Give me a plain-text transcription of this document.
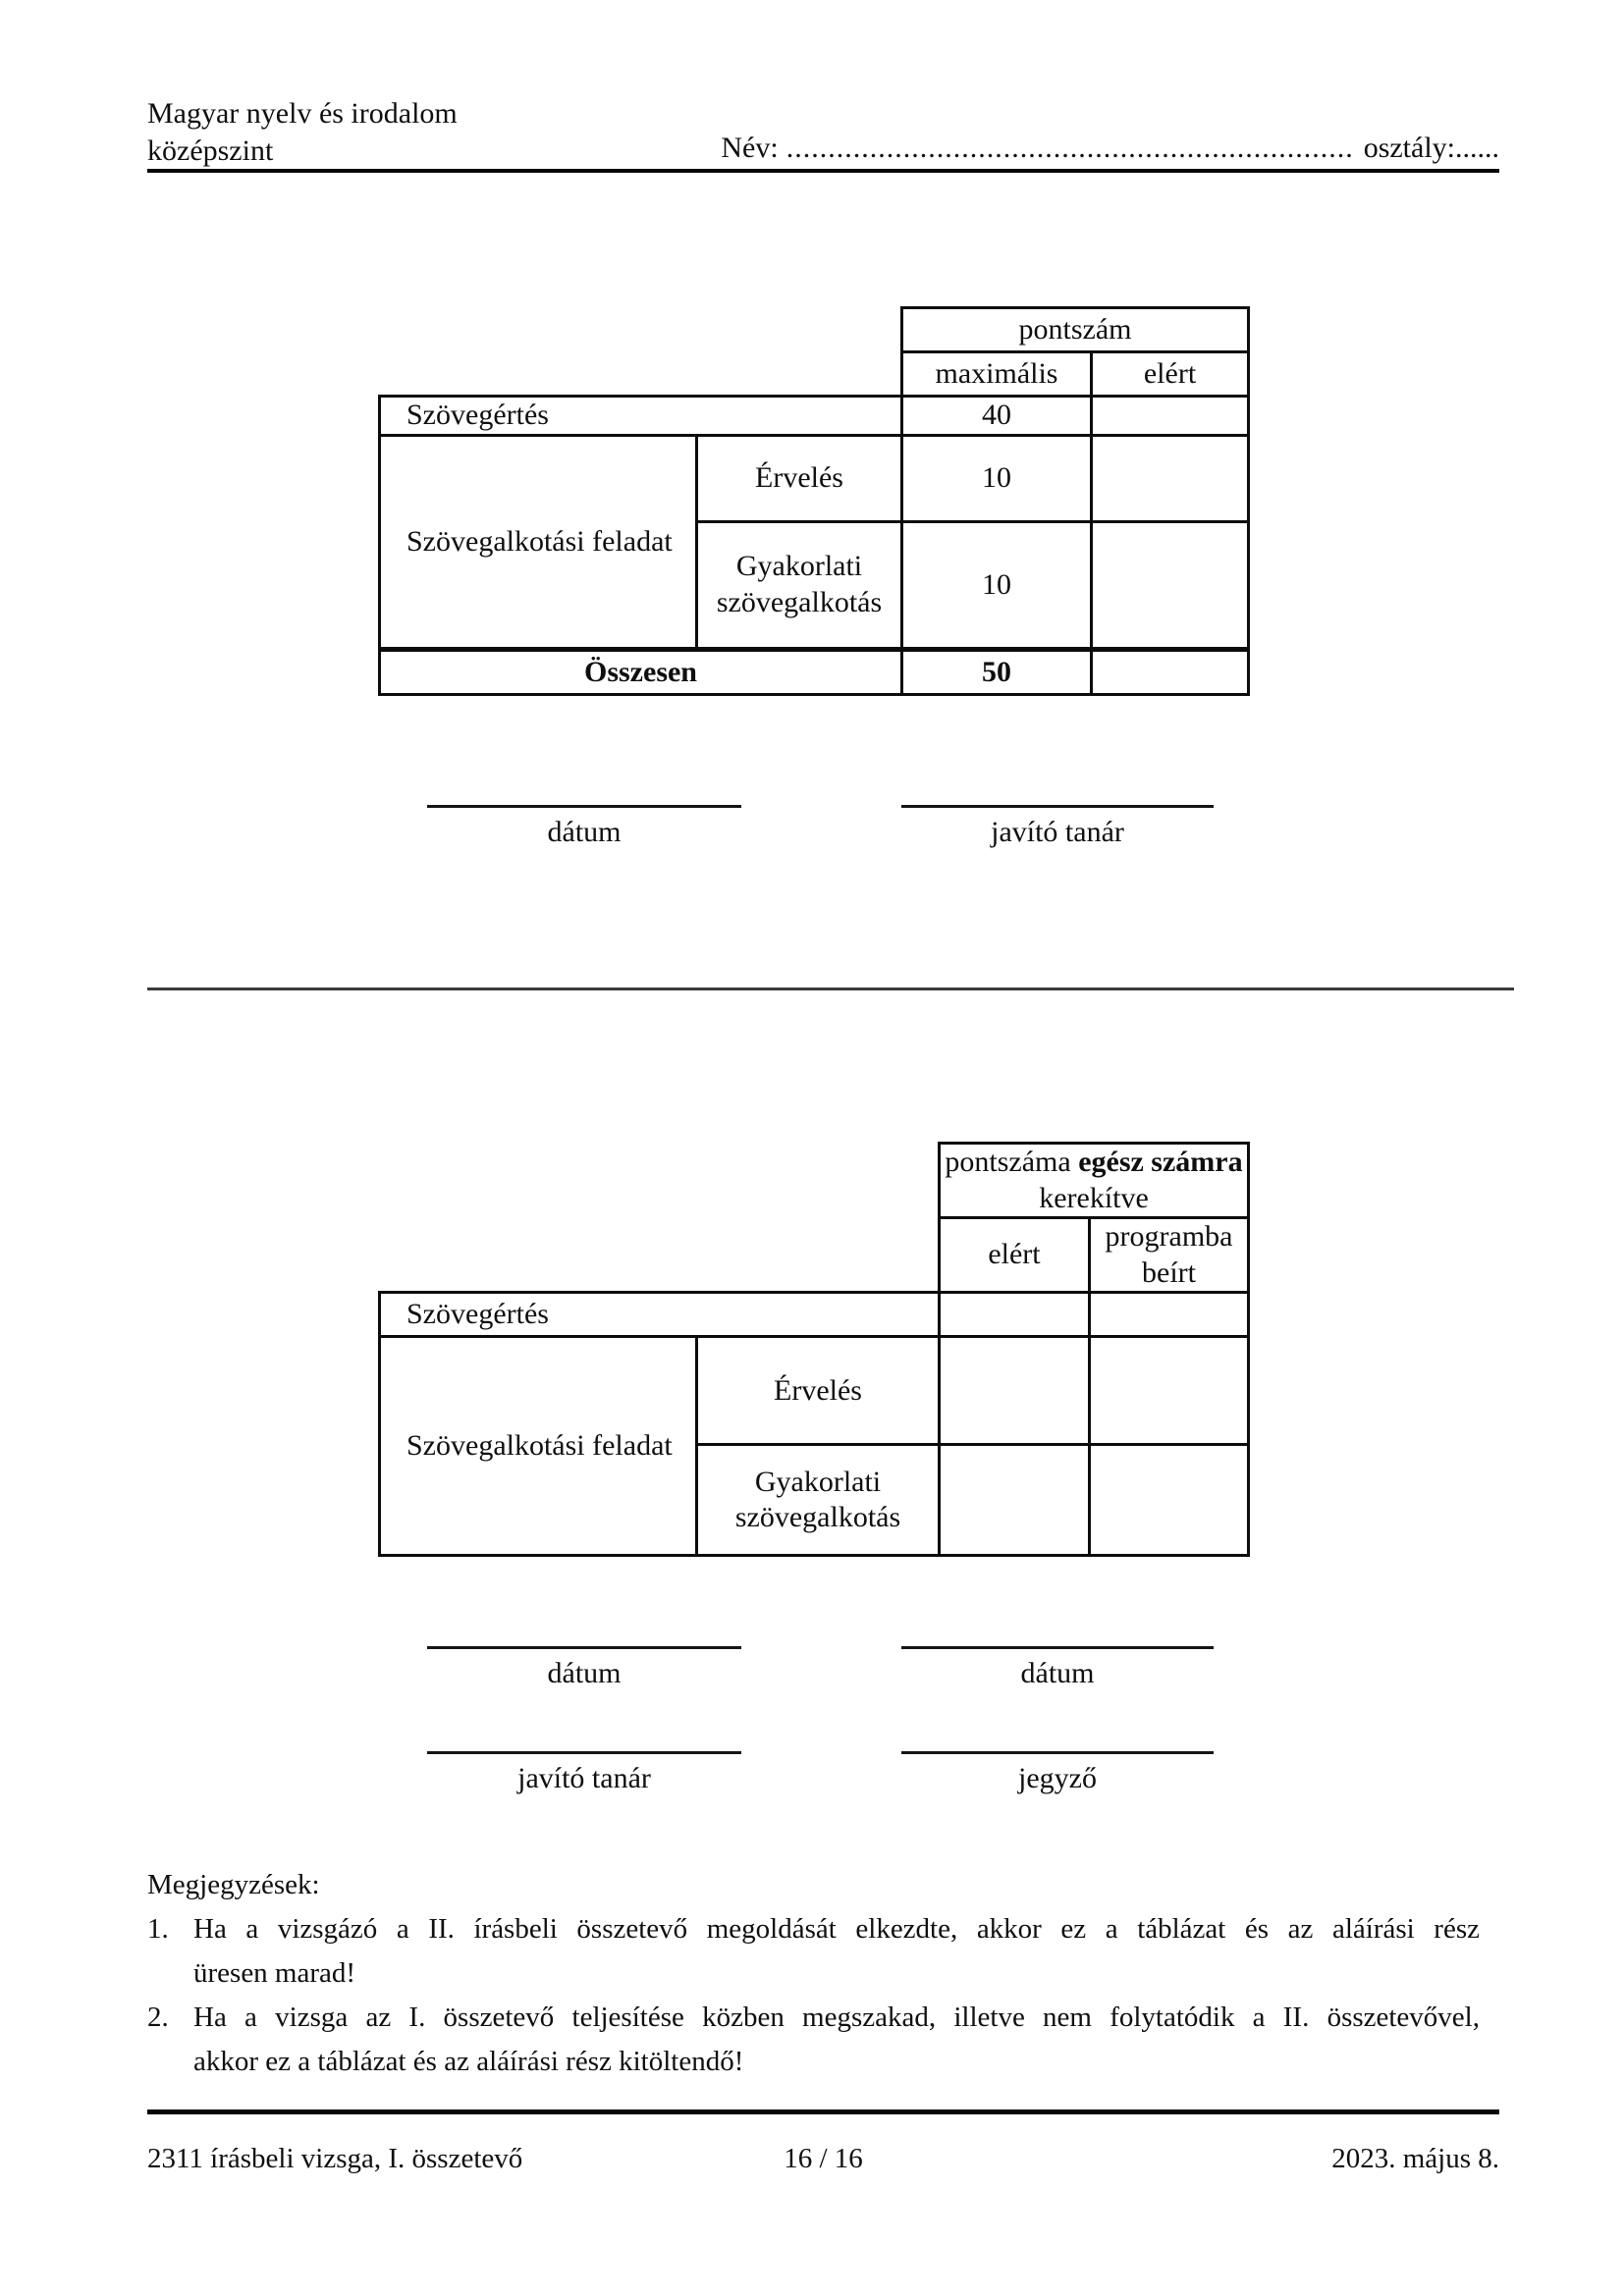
Magyar nyelv és irodalom
középszint	Név: .................................................................... osztály:......
		pontszám	
		maximális	elért
Szövegértés		40	
Szövegalkotási feladat	Érvelés	10	
	Gyakorlati szövegalkotás	10	
Összesen		50	
dátum	javító tanár
		pontszáma egész számra kerekítve	
		elért	programba beírt
Szövegértés			
Szövegalkotási feladat	Érvelés		
	Gyakorlati szövegalkotás		
dátum	dátum
javító tanár	jegyző
Megjegyzések:
1. Ha a vizsgázó a II. írásbeli összetevő megoldását elkezdte, akkor ez a táblázat és az aláírási rész
üresen marad!
2. Ha a vizsga az I. összetevő teljesítése közben megszakad, illetve nem folytatódik a II. összetevővel,
akkor ez a táblázat és az aláírási rész kitöltendő!
2311 írásbeli vizsga, I. összetevő	16 / 16	2023. május 8.
